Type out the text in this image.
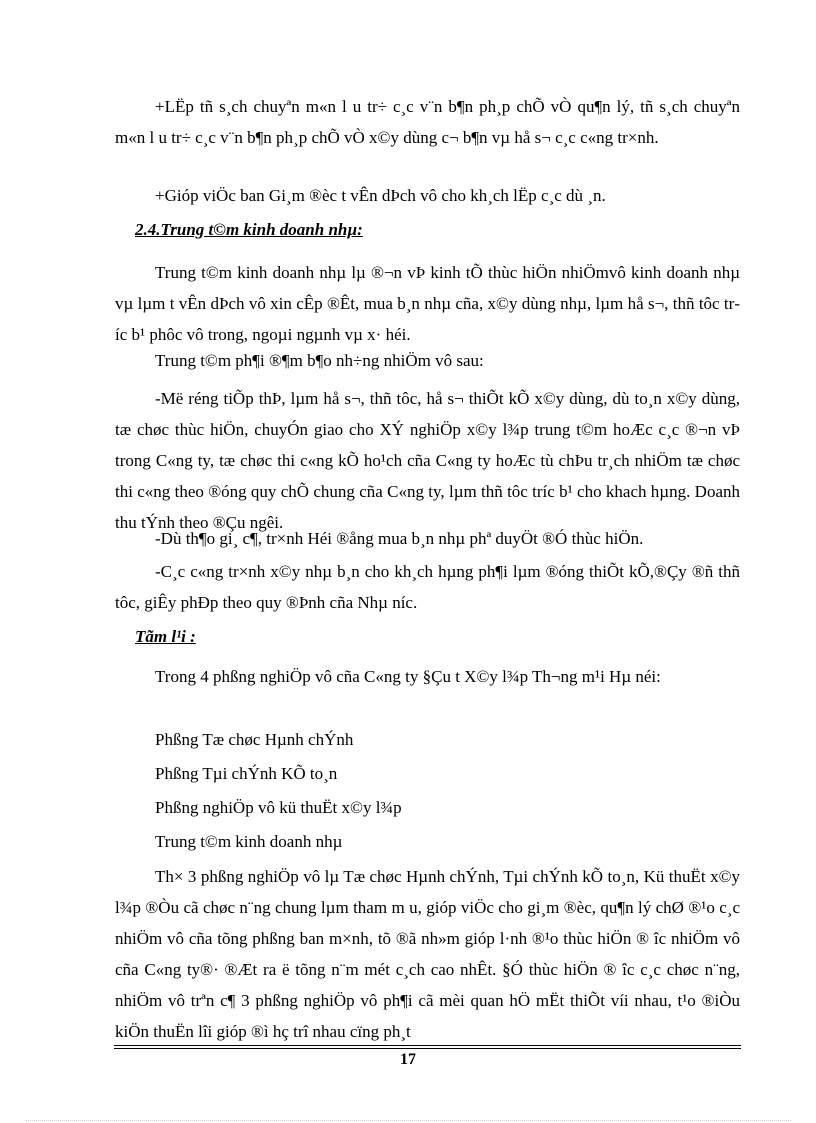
+LËp tñ s¸ch chuyªn m«n l u tr÷ c¸c v¨n b¶n ph¸p chÕ vÒ qu¶n lý, tñ s¸ch chuyªn m«n l u tr÷ c¸c v¨n b¶n ph¸p chÕ vÒ x©y dùng c¬ b¶n vµ hå s¬ c¸c c«ng tr×nh.

+Gióp viÖc ban Gi¸m ®èc t vÊn dÞch vô cho kh¸ch lËp c¸c dù ¸n.

2.4.Trung t©m kinh doanh nhµ:

Trung t©m kinh doanh nhµ lµ ®¬n vÞ kinh tÕ thùc hiÖn nhiÖmvô kinh doanh nhµ vµ lµm t vÊn dÞch vô xin cÊp ®Êt, mua b¸n nhµ cña, x©y dùng nhµ, lµm hå s¬, thñ tôc tríc b¹ phôc vô trong, ngoµi ngµnh vµ x· héi.

Trung t©m ph¶i ®¶m b¶o nh÷ng nhiÖm vô sau:

-Më réng tiÕp thÞ, lµm hå s¬, thñ tôc, hå s¬ thiÕt kÕ x©y dùng, dù to¸n x©y dùng, tæ chøc thùc hiÖn, chuyÓn giao cho XÝ nghiÖp x©y l¾p trung t©m hoÆc c¸c ®¬n vÞ trong C«ng ty, tæ chøc thi c«ng kÕ ho¹ch cña C«ng ty hoÆc tù chÞu tr¸ch nhiÖm tæ chøc thi c«ng theo ®óng quy chÕ chung cña C«ng ty, lµm thñ tôc tríc b¹ cho khach hµng. Doanh thu tÝnh theo ®Çu ngêi.

-Dù th¶o gi¸ c¶, tr×nh Héi ®ång mua b¸n nhµ phª duyÖt ®Ó thùc hiÖn.

-C¸c c«ng tr×nh x©y nhµ b¸n cho kh¸ch hµng ph¶i lµm ®óng thiÕt kÕ,®Çy ®ñ thñ tôc, giÊy phÐp theo quy ®Þnh cña Nhµ níc.

Tãm l¹i :

Trong 4 phßng nghiÖp vô cña C«ng ty §Çu t X©y l¾p Th¬ng m¹i Hµ néi:

Phßng Tæ chøc Hµnh chÝnh

Phßng Tµi chÝnh KÕ to¸n

Phßng nghiÖp vô kü thuËt x©y l¾p

Trung t©m kinh doanh nhµ

Th× 3 phßng nghiÖp vô lµ Tæ chøc Hµnh chÝnh, Tµi chÝnh kÕ to¸n, Kü thuËt x©y l¾p ®Òu cã chøc n¨ng chung lµm tham m u, gióp viÖc cho gi¸m ®èc, qu¶n lý chØ ®¹o c¸c nhiÖm vô cña tõng phßng ban m×nh, tõ ®ã nh»m gióp l·nh ®¹o thùc hiÖn ® îc nhiÖm vô cña C«ng ty®· ®Æt ra ë tõng n¨m mét c¸ch cao nhÊt. §Ó thùc hiÖn ® îc c¸c chøc n¨ng, nhiÖm vô trªn c¶ 3 phßng nghiÖp vô ph¶i cã mèi quan hÖ mËt thiÕt víi nhau, t¹o ®iÒu kiÖn thuËn lîi gióp ®ì hç trî nhau cïng ph¸t

17
